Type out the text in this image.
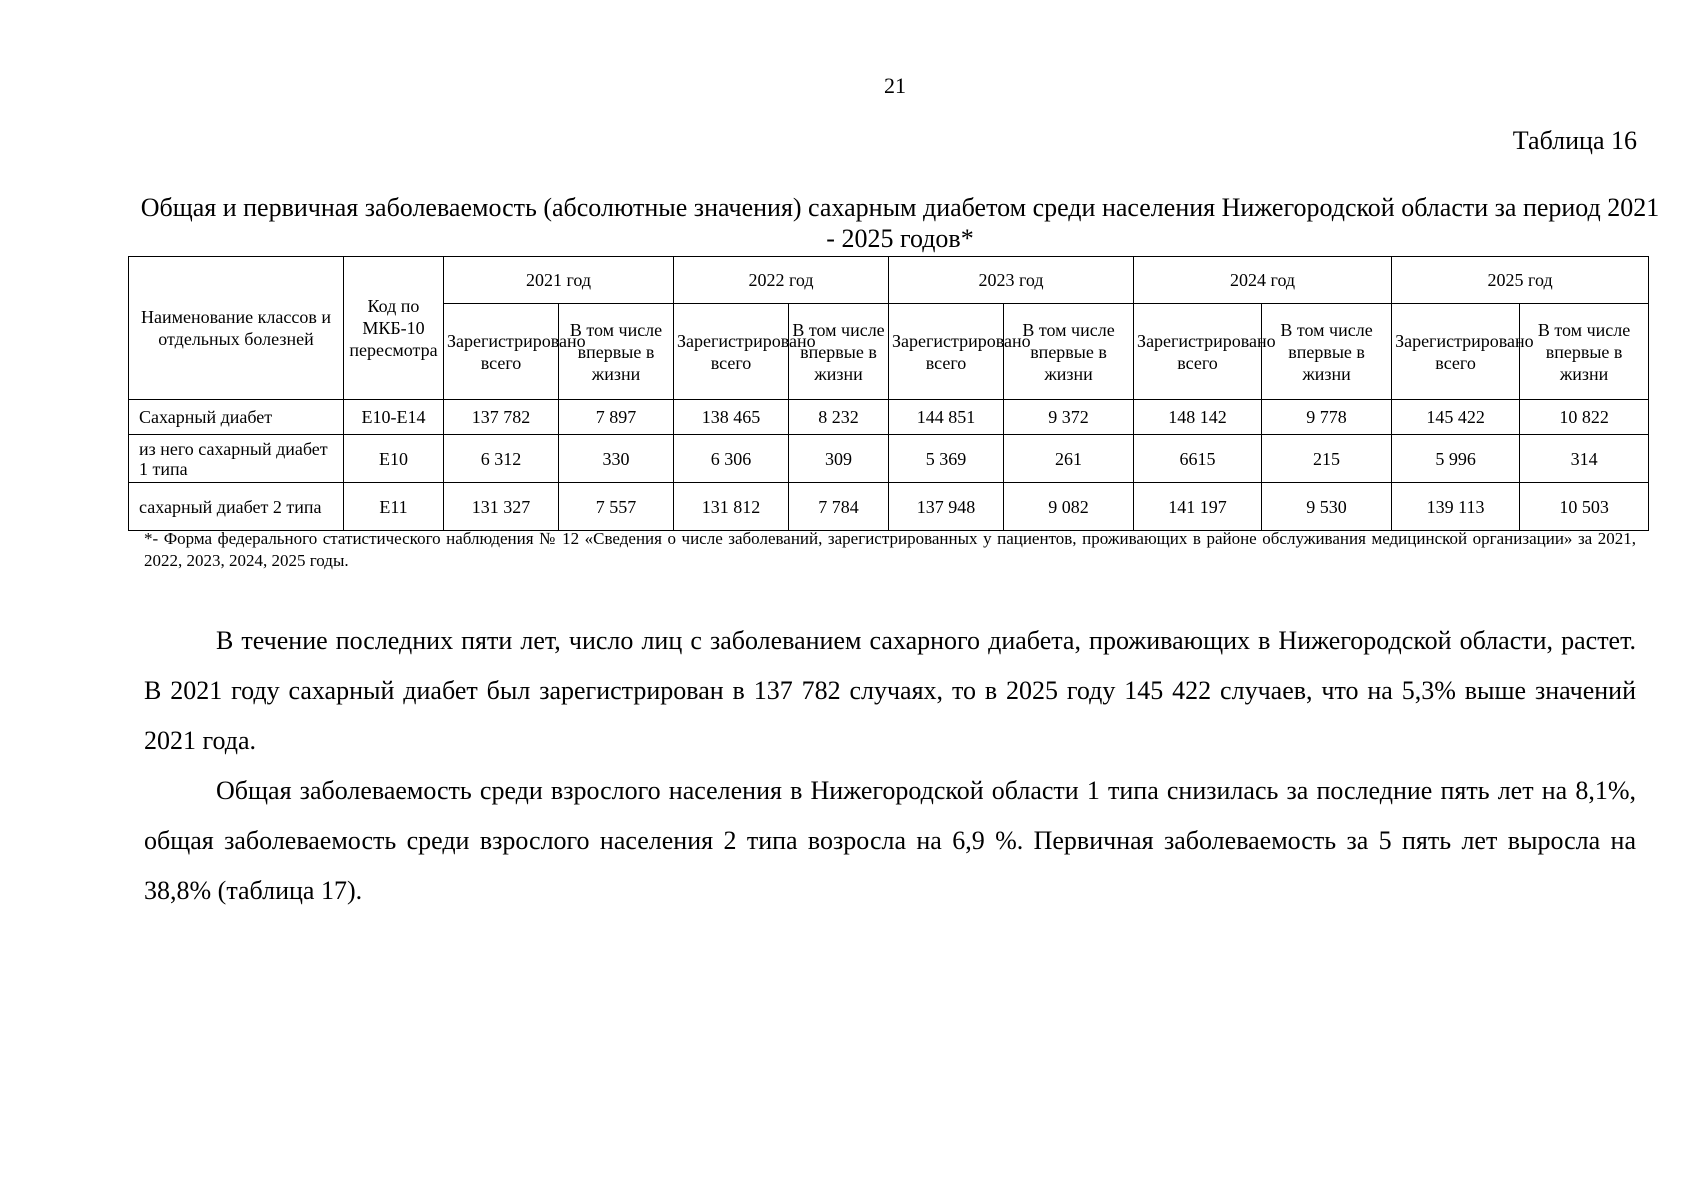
21
Таблица 16
Общая и первичная заболеваемость (абсолютные значения) сахарным диабетом среди населения Нижегородской области за период 2021 - 2025 годов*
Наименование классов и отдельных болезней	Код по МКБ-10 пересмотра	2021 год		2022 год		2023 год		2024 год		2025 год	
		Зарегистрировано всего	В том числе впервые в жизни	Зарегистрировано всего	В том числе впервые в жизни	Зарегистрировано всего	В том числе впервые в жизни	Зарегистрировано всего	В том числе впервые в жизни	Зарегистрировано всего	В том числе впервые в жизни
Сахарный диабет	Е10-Е14	137 782	7 897	138 465	8 232	144 851	9 372	148 142	9 778	145 422	10 822
из него сахарный диабет 1 типа	Е10	6 312	330	6 306	309	5 369	261	6615	215	5 996	314
сахарный диабет 2 типа	Е11	131 327	7 557	131 812	7 784	137 948	9 082	141 197	9 530	139 113	10 503
*- Форма федерального статистического наблюдения № 12 «Сведения о числе заболеваний, зарегистрированных у пациентов, проживающих в районе обслуживания медицинской организации» за 2021, 2022, 2023, 2024, 2025 годы.

В течение последних пяти лет, число лиц с заболеванием сахарного диабета, проживающих в Нижегородской области, растет. В 2021 году сахарный диабет был зарегистрирован в 137 782 случаях, то в 2025 году 145 422 случаев, что на 5,3% выше значений 2021 года.

Общая заболеваемость среди взрослого населения в Нижегородской области 1 типа снизилась за последние пять лет на 8,1%, общая заболеваемость среди взрослого населения 2 типа возросла на 6,9 %. Первичная заболеваемость за 5 пять лет выросла на 38,8% (таблица 17).
